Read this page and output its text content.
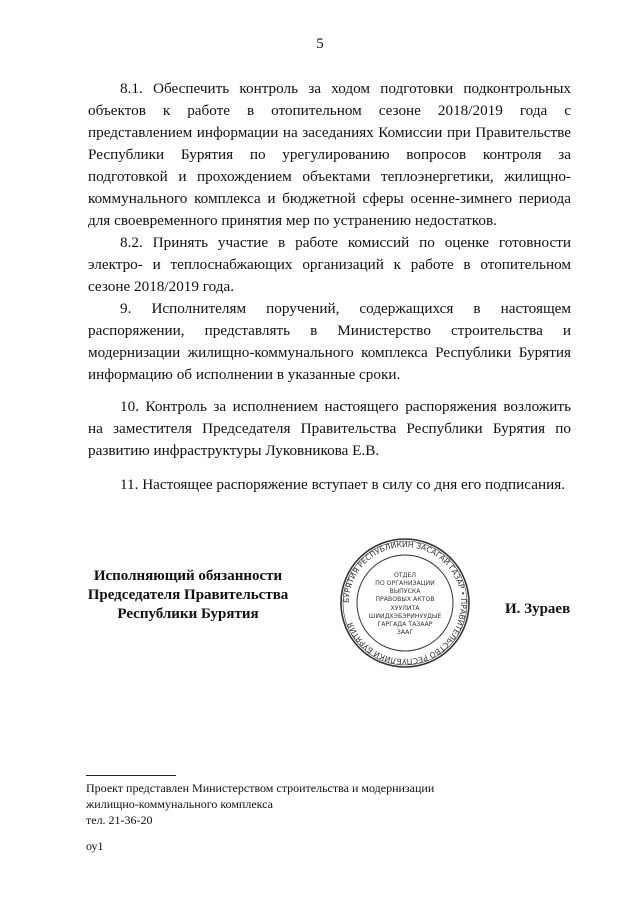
5

8.1. Обеспечить контроль за ходом подготовки подконтрольных объектов к работе в отопительном сезоне 2018/2019 года с представлением информации на заседаниях Комиссии при Правительстве Республики Бурятия по урегулированию вопросов контроля за подготовкой и прохождением объектами теплоэнергетики, жилищно-коммунального комплекса и бюджетной сферы осенне-зимнего периода для своевременного принятия мер по устранению недостатков.

8.2. Принять участие в работе комиссий по оценке готовности электро- и теплоснабжающих организаций к работе в отопительном сезоне 2018/2019 года.

9. Исполнителям поручений, содержащихся в настоящем распоряжении, представлять в Министерство строительства и модернизации жилищно-коммунального комплекса Республики Бурятия информацию об исполнении в указанные сроки.

10. Контроль за исполнением настоящего распоряжения возложить на заместителя Председателя Правительства Республики Бурятия по развитию инфраструктуры Луковникова Е.В.

11. Настоящее распоряжение вступает в силу со дня его подписания.

Исполняющий обязанности
Председателя Правительства
Республики Бурятия	И. Зураев
БУРЯТИЯ РЕСПУБЛИКИН ЗАСАГАЙ ГАЗАР • ПРАВИТЕЛЬСТВО РЕСПУБЛИКИ БУРЯТИЯ
ОТДЕЛ
ПО ОРГАНИЗАЦИИ
ВЫПУСКА
ПРАВОВЫХ АКТОВ
ХУУЛИТА
ШИИДХЭБЭРИНУУДЫЕ
ГАРГАДА ТАЗААР
ЗААГ
Проект представлен Министерством строительства и модернизации
жилищно-коммунального комплекса
тел. 21-36-20
оу1
